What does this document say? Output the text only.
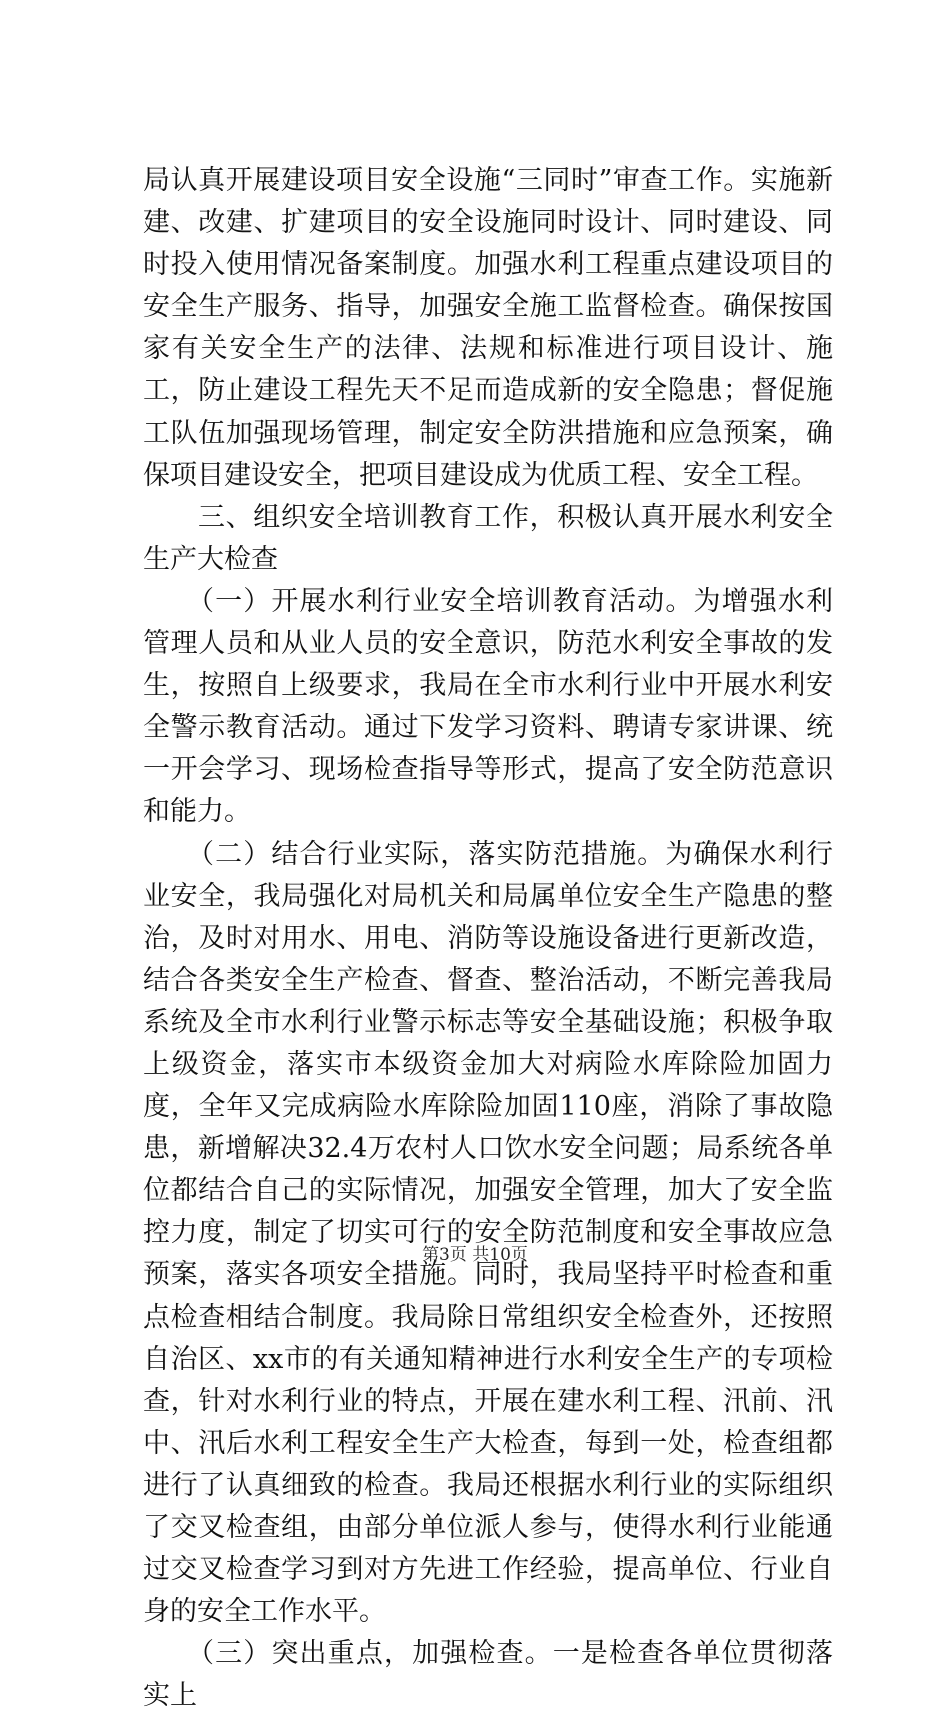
局认真开展建设项目安全设施“三同时”审查工作。实施新建、改建、扩建项目的安全设施同时设计、同时建设、同时投入使用情况备案制度。加强水利工程重点建设项目的安全生产服务、指导，加强安全施工监督检查。确保按国家有关安全生产的法律、法规和标准进行项目设计、施工，防止建设工程先天不足而造成新的安全隐患；督促施工队伍加强现场管理，制定安全防洪措施和应急预案，确保项目建设安全，把项目建设成为优质工程、安全工程。

三、组织安全培训教育工作，积极认真开展水利安全生产大检查

（一）开展水利行业安全培训教育活动。为增强水利管理人员和从业人员的安全意识，防范水利安全事故的发生，按照自上级要求，我局在全市水利行业中开展水利安全警示教育活动。通过下发学习资料、聘请专家讲课、统一开会学习、现场检查指导等形式，提高了安全防范意识和能力。

（二）结合行业实际，落实防范措施。为确保水利行业安全，我局强化对局机关和局属单位安全生产隐患的整治，及时对用水、用电、消防等设施设备进行更新改造，结合各类安全生产检查、督查、整治活动，不断完善我局系统及全市水利行业警示标志等安全基础设施；积极争取上级资金，落实市本级资金加大对病险水库除险加固力度，全年又完成病险水库除险加固110座，消除了事故隐患，新增解决32.4万农村人口饮水安全问题；局系统各单位都结合自己的实际情况，加强安全管理，加大了安全监控力度，制定了切实可行的安全防范制度和安全事故应急预案，落实各项安全措施。同时，我局坚持平时检查和重点检查相结合制度。我局除日常组织安全检查外，还按照自治区、xx市的有关通知精神进行水利安全生产的专项检查，针对水利行业的特点，开展在建水利工程、汛前、汛中、汛后水利工程安全生产大检查，每到一处，检查组都进行了认真细致的检查。我局还根据水利行业的实际组织了交叉检查组，由部分单位派人参与，使得水利行业能通过交叉检查学习到对方先进工作经验，提高单位、行业自身的安全工作水平。

（三）突出重点，加强检查。一是检查各单位贯彻落实上

第3页 共10页
